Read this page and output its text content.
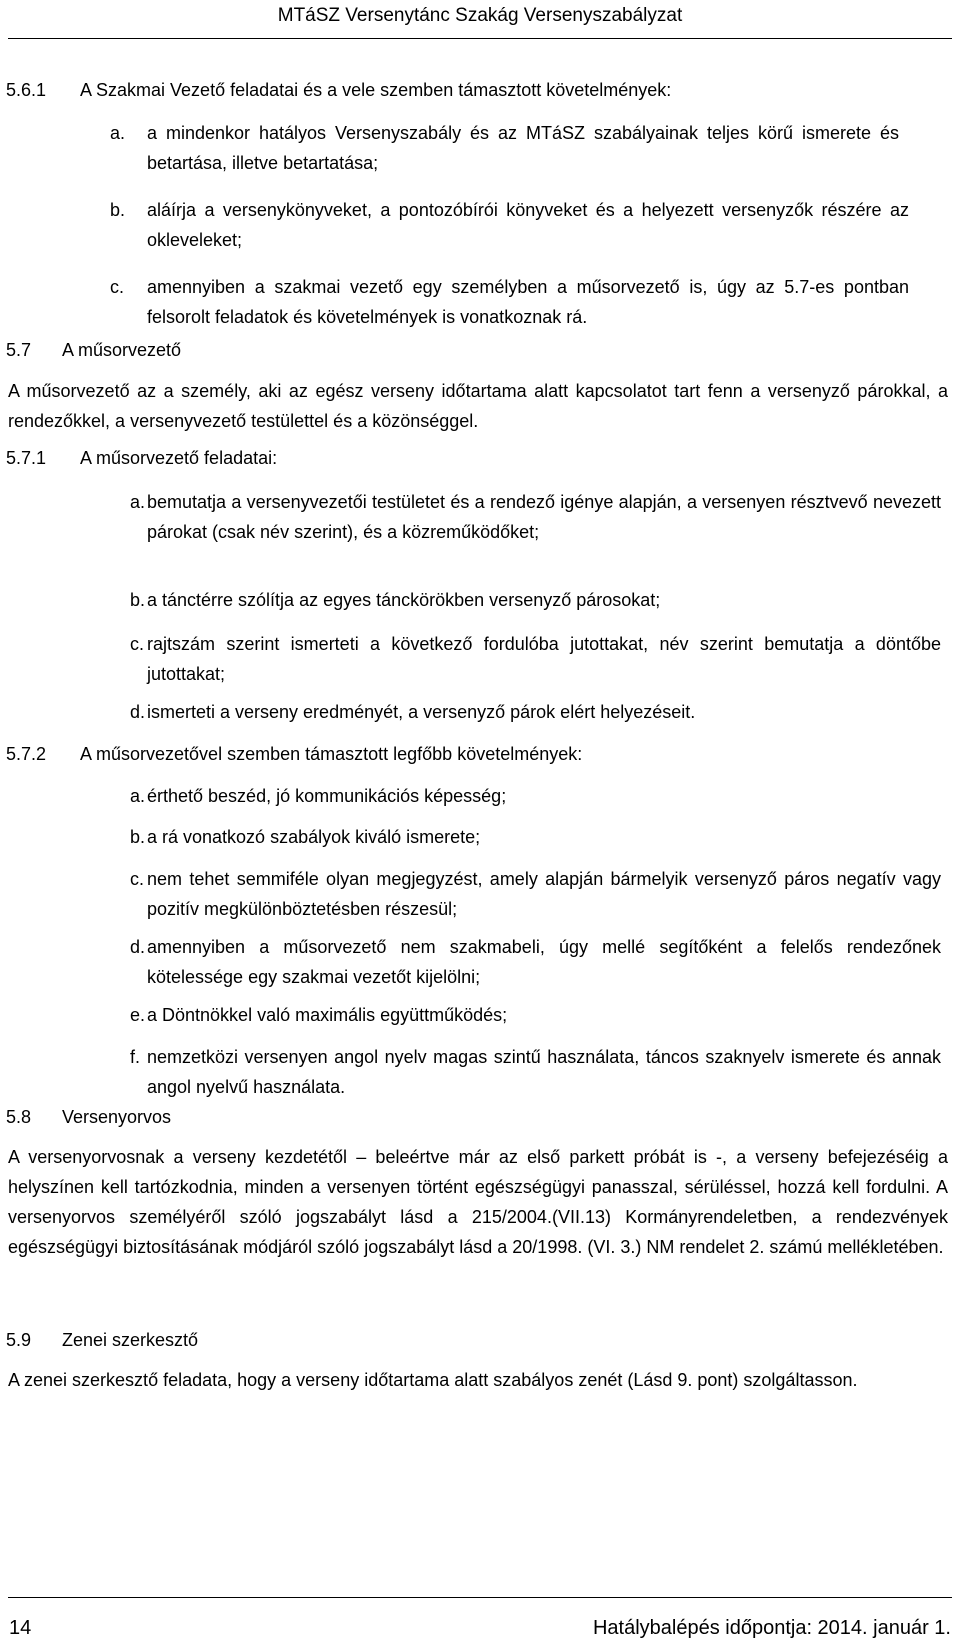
MTáSZ Versenytánc Szakág Versenyszabályzat
5.6.1 A Szakmai Vezető feladatai és a vele szemben támasztott követelmények:
a. a mindenkor hatályos Versenyszabály és az MTáSZ szabályainak teljes körű ismerete és betartása, illetve betartatása;
b. aláírja a versenykönyveket, a pontozóbírói könyveket és a helyezett versenyzők részére az okleveleket;
c. amennyiben a szakmai vezető egy személyben a műsorvezető is, úgy az 5.7-es pontban felsorolt feladatok és követelmények is vonatkoznak rá.
5.7 A műsorvezető
A műsorvezető az a személy, aki az egész verseny időtartama alatt kapcsolatot tart fenn a versenyző párokkal, a rendezőkkel, a versenyvezető testülettel és a közönséggel.
5.7.1 A műsorvezető feladatai:
a. bemutatja a versenyvezetői testületet és a rendező igénye alapján, a versenyen résztvevő nevezett párokat (csak név szerint), és a közreműködőket;
b. a tánctérre szólítja az egyes tánckörökben versenyző párosokat;
c. rajtszám szerint ismerteti a következő fordulóba jutottakat, név szerint bemutatja a döntőbe jutottakat;
d. ismerteti a verseny eredményét, a versenyző párok elért helyezéseit.
5.7.2 A műsorvezetővel szemben támasztott legfőbb követelmények:
a. érthető beszéd, jó kommunikációs képesség;
b. a rá vonatkozó szabályok kiváló ismerete;
c. nem tehet semmiféle olyan megjegyzést, amely alapján bármelyik versenyző páros negatív vagy pozitív megkülönböztetésben részesül;
d. amennyiben a műsorvezető nem szakmabeli, úgy mellé segítőként a felelős rendezőnek kötelessége egy szakmai vezetőt kijelölni;
e. a Döntnökkel való maximális együttműködés;
f. nemzetközi versenyen angol nyelv magas szintű használata, táncos szaknyelv ismerete és annak angol nyelvű használata.
5.8 Versenyorvos
A versenyorvosnak a verseny kezdetétől – beleértve már az első parkett próbát is -, a verseny befejezéséig a helyszínen kell tartózkodnia, minden a versenyen történt egészségügyi panasszal, sérüléssel, hozzá kell fordulni. A versenyorvos személyéről szóló jogszabályt lásd a 215/2004.(VII.13) Kormányrendeletben, a rendezvények egészségügyi biztosításának módjáról szóló jogszabályt lásd a 20/1998. (VI. 3.) NM rendelet 2. számú mellékletében.
5.9 Zenei szerkesztő
A zenei szerkesztő feladata, hogy a verseny időtartama alatt szabályos zenét (Lásd 9. pont) szolgáltasson.
14	Hatálybalépés időpontja: 2014. január 1.
